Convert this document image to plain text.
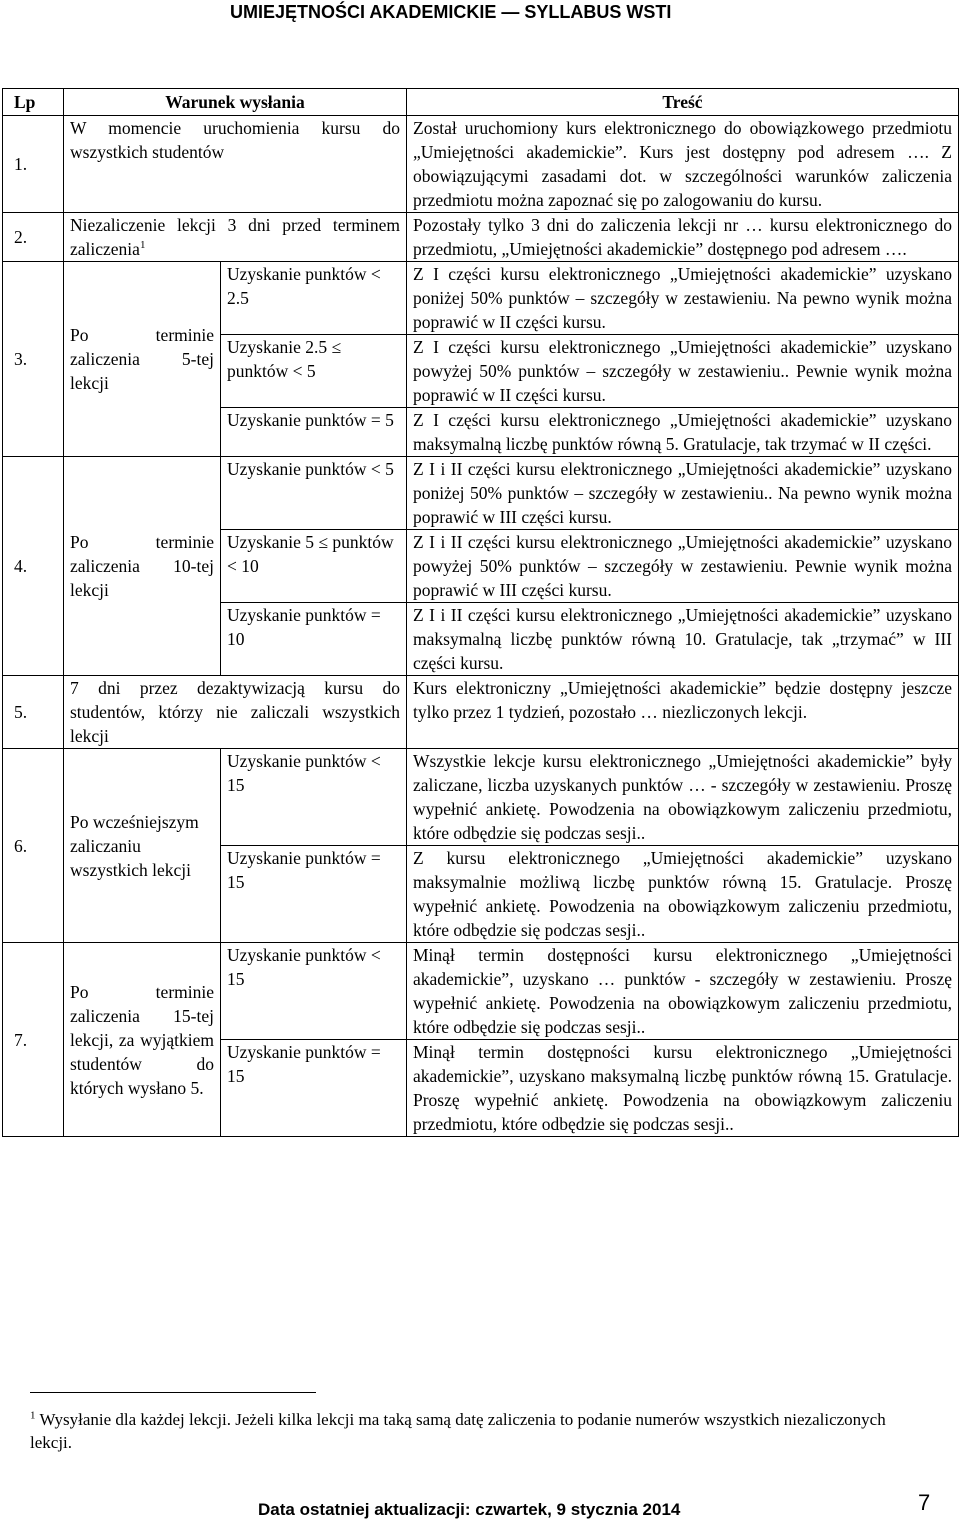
UMIEJĘTNOŚCI AKADEMICKIE — SYLLABUS WSTI
Lp	Warunek wysłania		Treść
1.	W momencie uruchomienia kursu do wszystkich studentów		Został uruchomiony kurs elektronicznego do obowiązkowego przedmiotu „Umiejętności akademickie”. Kurs jest dostępny pod adresem …. Z obowiązującymi zasadami dot. w szczególności warunków zaliczenia przedmiotu można zapoznać się po zalogowaniu do kursu.
2.	Niezaliczenie lekcji 3 dni przed terminem zaliczenia$^1$		Pozostały tylko 3 dni do zaliczenia lekcji nr … kursu elektronicznego do przedmiotu, „Umiejętności akademickie” dostępnego pod adresem ….
3.	Po terminie zaliczenia 5-tej lekcji	Uzyskanie punktów < 2.5	Z I części kursu elektronicznego „Umiejętności akademickie” uzyskano poniżej 50% punktów – szczegóły w zestawieniu. Na pewno wynik można poprawić w II części kursu.
		Uzyskanie 2.5 ≤ punktów < 5	Z I części kursu elektronicznego „Umiejętności akademickie” uzyskano powyżej 50% punktów – szczegóły w zestawieniu.. Pewnie wynik można poprawić w II części kursu.
		Uzyskanie punktów = 5	Z I części kursu elektronicznego „Umiejętności akademickie” uzyskano maksymalną liczbę punktów równą 5. Gratulacje, tak trzymać w II części.
4.	Po terminie zaliczenia 10-tej lekcji	Uzyskanie punktów < 5	Z I i II części kursu elektronicznego „Umiejętności akademickie” uzyskano poniżej 50% punktów – szczegóły w zestawieniu.. Na pewno wynik można poprawić w III części kursu.
		Uzyskanie 5 ≤ punktów < 10	Z I i II części kursu elektronicznego „Umiejętności akademickie” uzyskano powyżej 50% punktów – szczegóły w zestawieniu. Pewnie wynik można poprawić w III części kursu.
		Uzyskanie punktów = 10	Z I i II części kursu elektronicznego „Umiejętności akademickie” uzyskano maksymalną liczbę punktów równą 10. Gratulacje, tak „trzymać” w III części kursu.
5.	7 dni przez dezaktywizacją kursu do studentów, którzy nie zaliczali wszystkich lekcji		Kurs elektroniczny „Umiejętności akademickie” będzie dostępny jeszcze tylko przez 1 tydzień, pozostało … niezliczonych lekcji.
6.	Po wcześniejszym zaliczaniu wszystkich lekcji	Uzyskanie punktów < 15	Wszystkie lekcje kursu elektronicznego „Umiejętności akademickie” były zaliczane, liczba uzyskanych punktów … - szczegóły w zestawieniu. Proszę wypełnić ankietę. Powodzenia na obowiązkowym zaliczeniu przedmiotu, które odbędzie się podczas sesji..
		Uzyskanie punktów = 15	Z kursu elektronicznego „Umiejętności akademickie” uzyskano maksymalnie możliwą liczbę punktów równą 15. Gratulacje. Proszę wypełnić ankietę. Powodzenia na obowiązkowym zaliczeniu przedmiotu, które odbędzie się podczas sesji..
7.	Po terminie zaliczenia 15-tej lekcji, za wyjątkiem studentów do których wysłano 5.	Uzyskanie punktów < 15	Minął termin dostępności kursu elektronicznego „Umiejętności akademickie”, uzyskano … punktów - szczegóły w zestawieniu. Proszę wypełnić ankietę. Powodzenia na obowiązkowym zaliczeniu przedmiotu, które odbędzie się podczas sesji..
		Uzyskanie punktów = 15	Minął termin dostępności kursu elektronicznego „Umiejętności akademickie”, uzyskano maksymalną liczbę punktów równą 15. Gratulacje. Proszę wypełnić ankietę. Powodzenia na obowiązkowym zaliczeniu przedmiotu, które odbędzie się podczas sesji..
$^1$ Wysyłanie dla każdej lekcji. Jeżeli kilka lekcji ma taką samą datę zaliczenia to podanie numerów wszystkich niezaliczonych lekcji.
Data ostatniej aktualizacji: czwartek, 9 stycznia 2014	7
